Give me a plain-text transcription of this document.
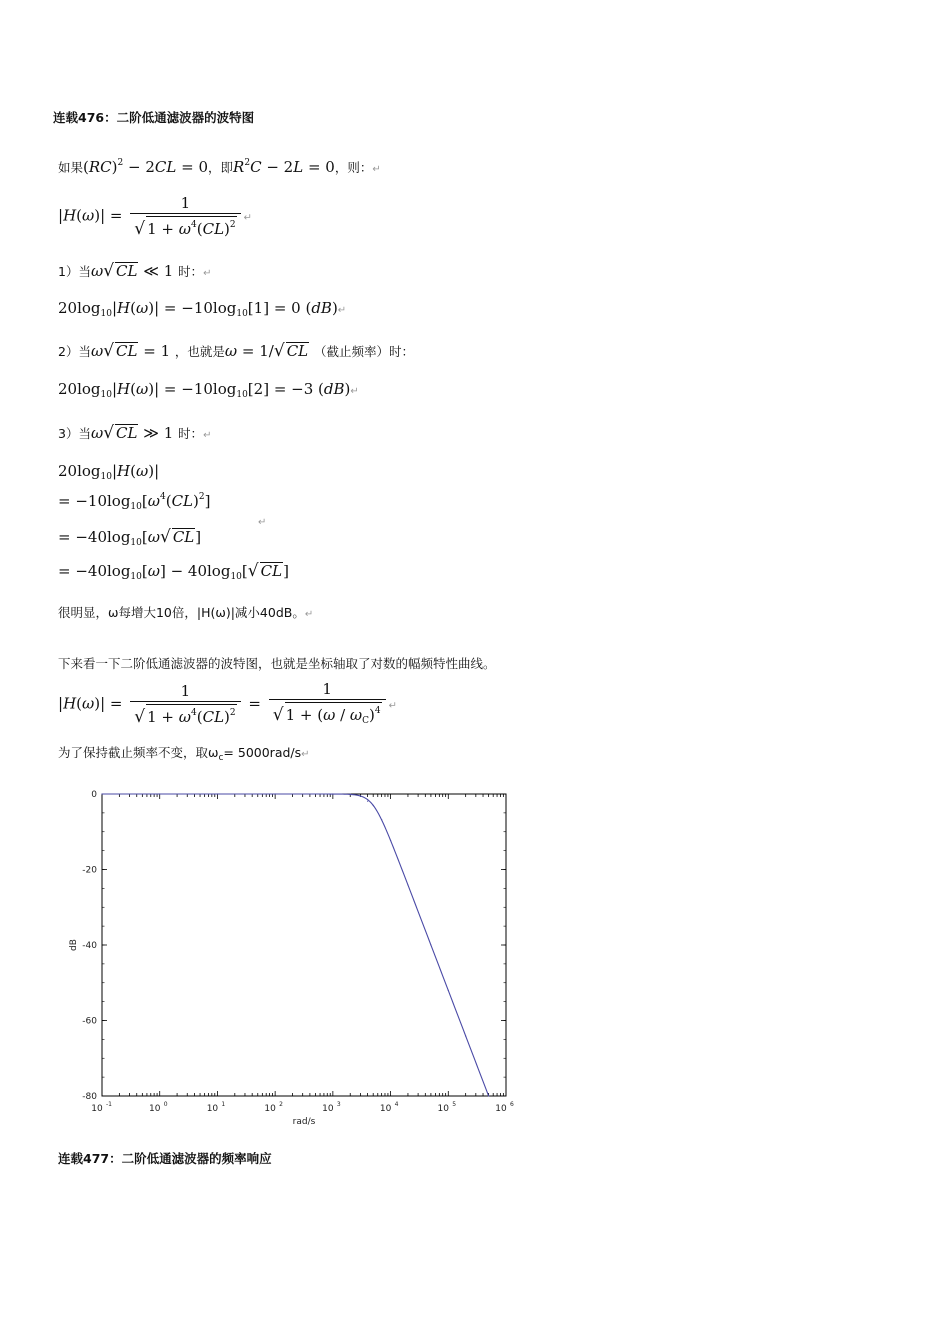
连载476：二阶低通滤波器的波特图
如果(RC)$^2$ − 2CL = 0，即$R^2C - 2L = 0$，则：↵
$|H(\omega)| = \frac{1}{√ 1 + \omega^4(CL)^2}$ ↵
1）当ω√ CL ≪ 1 时：↵
$20\log_{10}|H(\omega)| = -10\log_{10}[1] = 0$ (dB)↵
2）当ω√ CL = 1 ，也就是ω = 1/√ CL （截止频率）时：
$20\log_{10}|H(\omega)| = -10\log_{10}[2] = -3$ (dB)↵
3）当ω√ CL ≫ 1 时：↵
$20\log_{10}|H(\omega)|$
= $-10\log_{10}[\omega^4(CL)^2]$
= $-40\log_{10}[\omega√$ CL]
↵
= $-40\log_{10}[\omega] - 40\log_{10}[√$ CL]
很明显，ω每增大10倍，|H(ω)|减小40dB。↵
下来看一下二阶低通滤波器的波特图，也就是坐标轴取了对数的幅频特性曲线。
$|H(\omega)| = \frac{1}{√ 1 + \omega^4(CL)^2} = \frac{1}{√ 1 + (\omega / \omega_C)^4}$ ↵
为了保持截止频率不变，取$\omega_c=$ 5000rad/s↵
10 -1	10 0	10 1	10 2	10 3	10 4	10 5	10 6
0
-20
-40
-60
-80
rad/s
dB
连载477：二阶低通滤波器的频率响应
